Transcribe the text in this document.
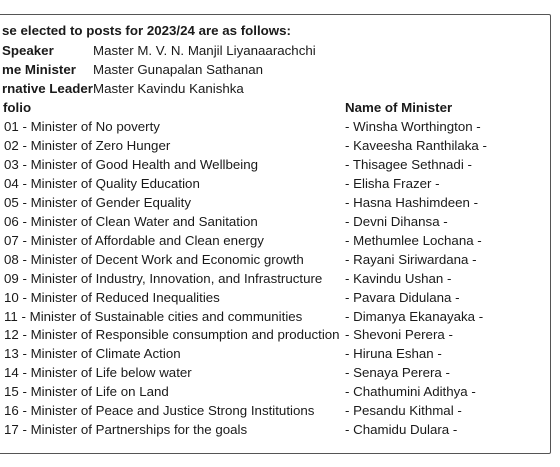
se elected to posts for 2023/24 are as follows:
Speaker	Master M. V. N. Manjil Liyanaarachchi
me Minister Master Gunapalan Sathanan
rnative Leader Master Kavindu Kanishka
folio	Name of Minister
01 - Minister of No poverty	- Winsha Worthington -
02 - Minister of Zero Hunger	- Kaveesha Ranthilaka -
03 - Minister of Good Health and Wellbeing	- Thisagee Sethnadi -
04 - Minister of Quality Education	- Elisha Frazer -
05 - Minister of Gender Equality	- Hasna Hashimdeen -
06 - Minister of Clean Water and Sanitation	- Devni Dihansa -
07 - Minister of Affordable and Clean energy	- Methumlee Lochana -
08 - Minister of Decent Work and Economic growth	- Rayani Siriwardana -
09 - Minister of Industry, Innovation, and Infrastructure - Kavindu Ushan -
10 - Minister of Reduced Inequalities	- Pavara Didulana -
11 - Minister of Sustainable cities and communities	- Dimanya Ekanayaka -
12 - Minister of Responsible consumption and production - Shevoni Perera -
13 - Minister of Climate Action	- Hiruna Eshan -
14 - Minister of Life below water	- Senaya Perera -
15 - Minister of Life on Land	- Chathumini Adithya -
16 - Minister of Peace and Justice Strong Institutions - Pesandu Kithmal -
17 - Minister of Partnerships for the goals	- Chamidu Dulara -
